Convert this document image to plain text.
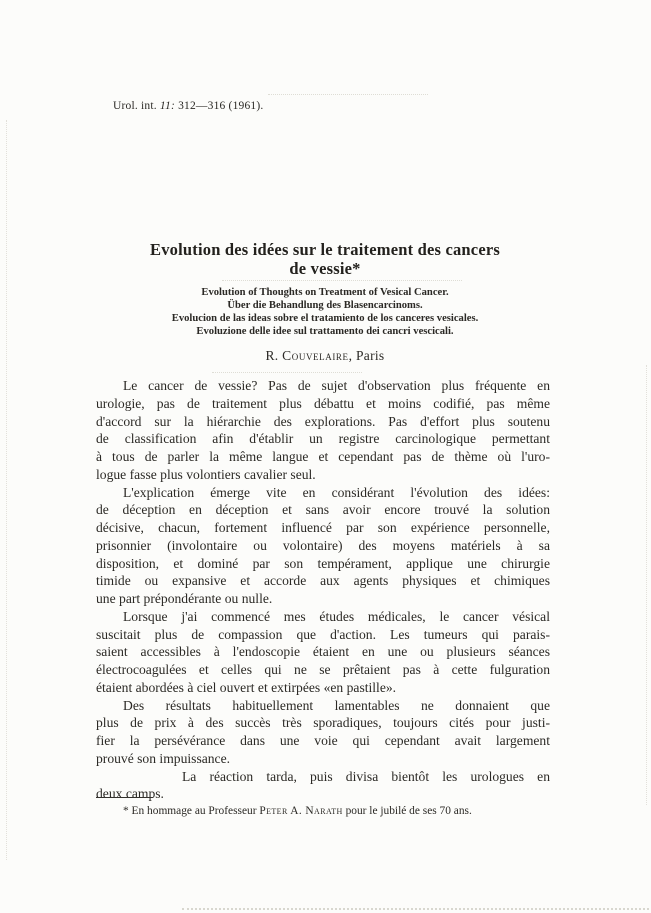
Urol. int. 11: 312—316 (1961).
Evolution des idées sur le traitement des cancers
de vessie*
Evolution of Thoughts on Treatment of Vesical Cancer.
Über die Behandlung des Blasencarcinoms.
Evolucion de las ideas sobre el tratamiento de los canceres vesicales.
Evoluzione delle idee sul trattamento dei cancri vescicali.
R. Couvelaire, Paris
Le cancer de vessie? Pas de sujet d'observation plus fréquente en
urologie, pas de traitement plus débattu et moins codifié, pas même
d'accord sur la hiérarchie des explorations. Pas d'effort plus soutenu
de classification afin d'établir un registre carcinologique permettant
à tous de parler la même langue et cependant pas de thème où l'uro-
logue fasse plus volontiers cavalier seul.
L'explication émerge vite en considérant l'évolution des idées:
de déception en déception et sans avoir encore trouvé la solution
décisive, chacun, fortement influencé par son expérience personnelle,
prisonnier (involontaire ou volontaire) des moyens matériels à sa
disposition, et dominé par son tempérament, applique une chirurgie
timide ou expansive et accorde aux agents physiques et chimiques
une part prépondérante ou nulle.
Lorsque j'ai commencé mes études médicales, le cancer vésical
suscitait plus de compassion que d'action. Les tumeurs qui parais-
saient accessibles à l'endoscopie étaient en une ou plusieurs séances
électrocoagulées et celles qui ne se prêtaient pas à cette fulguration
étaient abordées à ciel ouvert et extirpées «en pastille».
Des résultats habituellement lamentables ne donnaient que
plus de prix à des succès très sporadiques, toujours cités pour justi-
fier la persévérance dans une voie qui cependant avait largement
prouvé son impuissance.
La réaction tarda, puis divisa bientôt les urologues en
deux camps.
* En hommage au Professeur Peter A. Narath pour le jubilé de ses 70 ans.
